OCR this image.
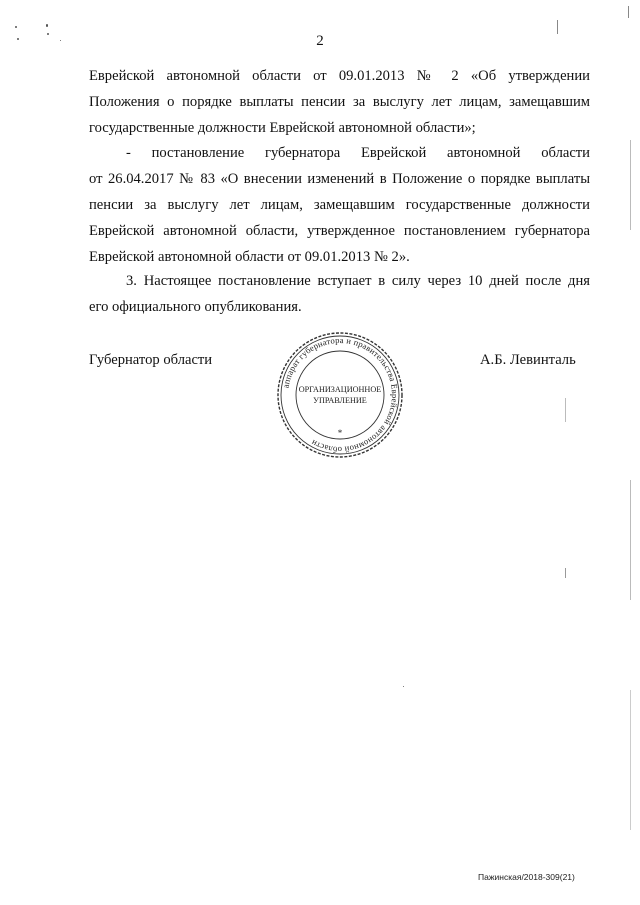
2
Еврейской автономной области от 09.01.2013 № 2 «Об утверждении
Положения о порядке выплаты пенсии за выслугу лет лицам, замещавшим
государственные должности Еврейской автономной области»;
- постановление губернатора Еврейской автономной области
от 26.04.2017 № 83 «О внесении изменений в Положение о порядке выплаты
пенсии за выслугу лет лицам, замещавшим государственные должности
Еврейской автономной области, утвержденное постановлением губернатора
Еврейской автономной области от 09.01.2013 № 2».
3. Настоящее постановление вступает в силу через 10 дней после дня
его официального опубликования.
Губернатор области
аппарат губернатора и правительства Еврейской автономной области
ОРГАНИЗАЦИОННОЕ
УПРАВЛЕНИЕ
*
А.Б. Левинталь
Пажинская/2018-309(21)
